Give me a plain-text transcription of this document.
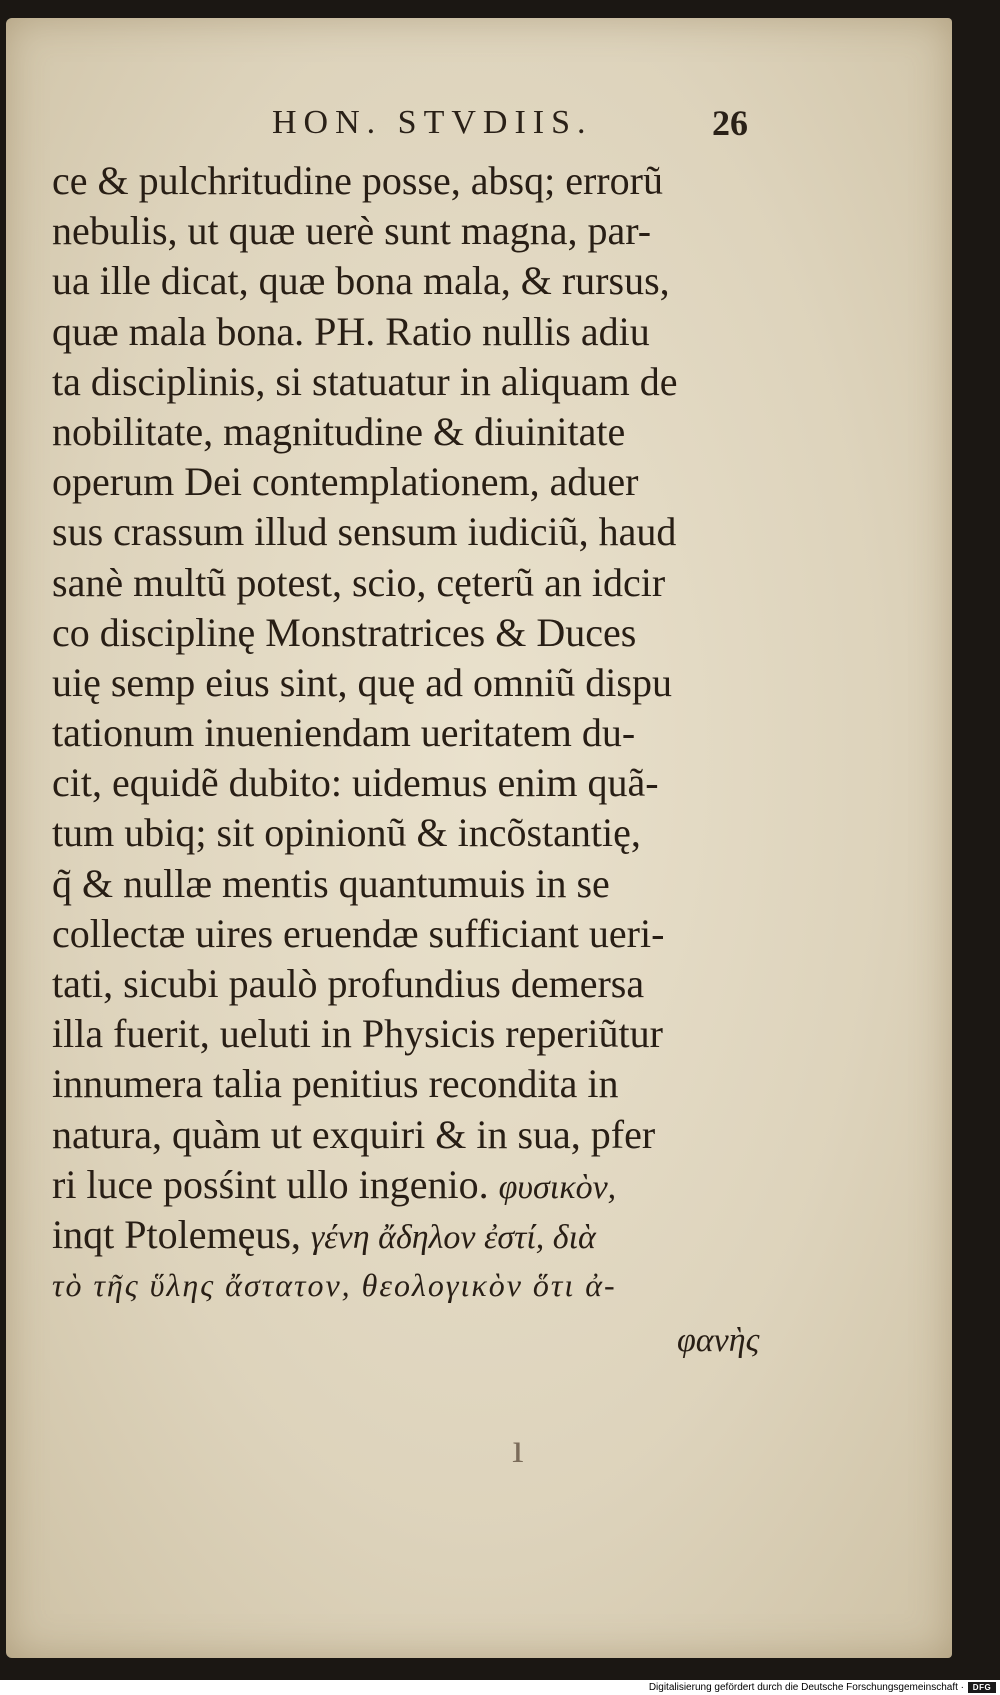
HON. STVDIIS.	26
ce & pulchritudine posse, absq; errorũ
nebulis, ut quæ uerè sunt magna, par-
ua ille dicat, quæ bona mala, & rursus,
quæ mala bona. PH. Ratio nullis adiu
ta disciplinis, si statuatur in aliquam de
nobilitate, magnitudine & diuinitate
operum Dei contemplationem, aduer
sus crassum illud sensum iudiciũ, haud
sanè multũ potest, scio, cęterũ an idcir
co disciplinę Monstratrices & Duces
uię semp eius sint, quę ad omniũ dispu
tationum inueniendam ueritatem du-
cit, equidẽ dubito: uidemus enim quã-
tum ubiq; sit opinionũ & incõstantię,
q̃ & nullæ mentis quantumuis in se
collectæ uires eruendæ sufficiant ueri-
tati, sicubi paulò profundius demersa
illa fuerit, ueluti in Physicis reperiũtur
innumera talia penitius recondita in
natura, quàm ut exquiri & in sua, pfer
ri luce posśint ullo ingenio. φυσικὸν,
inqt Ptolemęus, γένη ἄδηλον ἐστί, διὰ
τὸ τῆς ὕλης ἄστατον, θεολογικὸν ὅτι ἀ-
φανὴς
ı
Digitalisierung gefördert durch die Deutsche Forschungsgemeinschaft ·	DFG
